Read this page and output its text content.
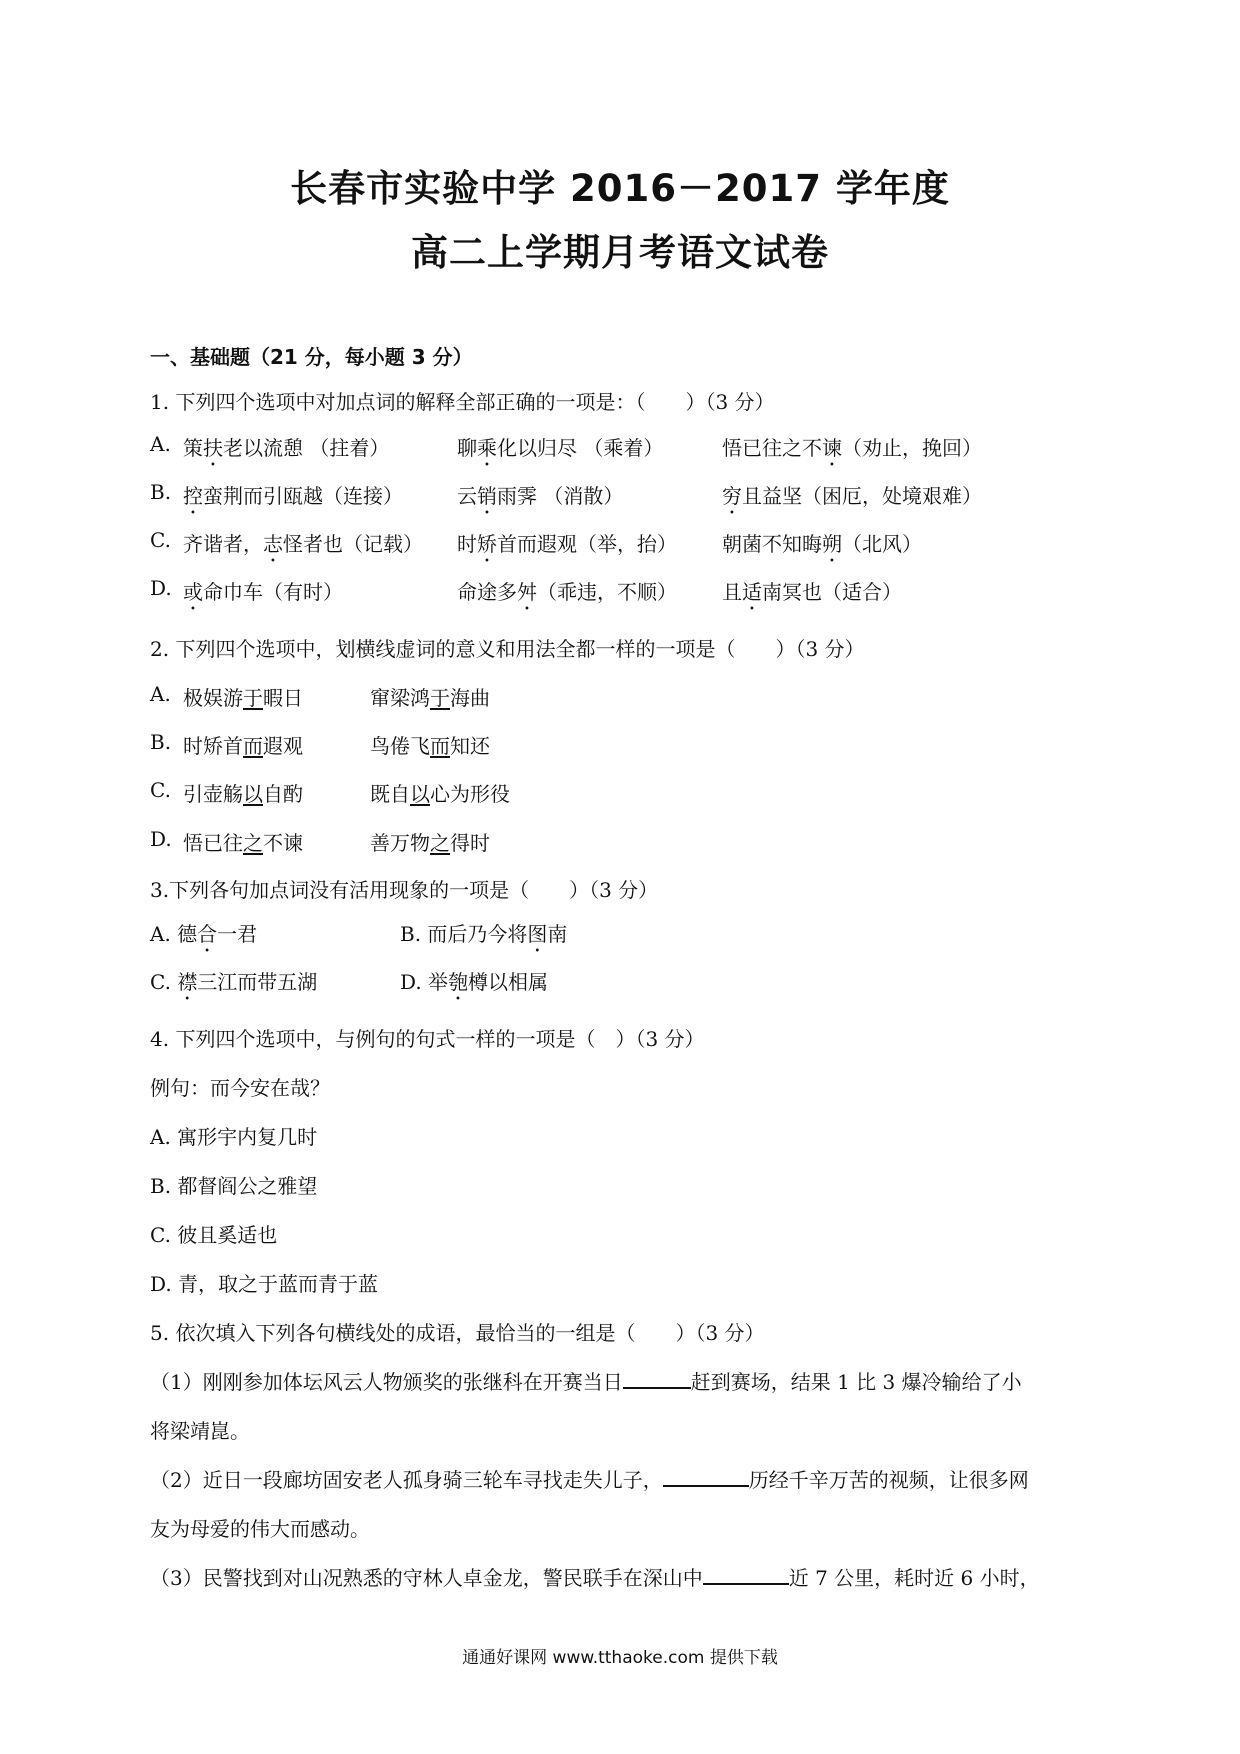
长春市实验中学 2016－2017 学年度
高二上学期月考语文试卷
一、基础题（21 分，每小题 3 分）
1. 下列四个选项中对加点词的解释全部正确的一项是：（　　）（3 分）
A. 策扶老以流憩 （拄着）	聊乘化以归尽 （乘着）	悟已往之不谏（劝止，挽回）
B. 控蛮荆而引瓯越（连接）	云销雨霁 （消散）	穷且益坚（困厄，处境艰难）
C. 齐谐者，志怪者也（记载） 时矫首而遐观（举，抬） 朝菌不知晦朔（北风）
D. 或命巾车（有时）	命途多舛（乖违，不顺） 且适南冥也（适合）
2. 下列四个选项中，划横线虚词的意义和用法全都一样的一项是（　　）（3 分）
A. 极娱游于暇日	窜梁鸿于海曲
B. 时矫首而遐观	鸟倦飞而知还
C. 引壶觞以自酌	既自以心为形役
D. 悟已往之不谏	善万物之得时
3.下列各句加点词没有活用现象的一项是（　　）（3 分）
A. 德合一君	B. 而后乃今将图南
C. 襟三江而带五湖	D. 举匏樽以相属
4. 下列四个选项中，与例句的句式一样的一项是（　）（3 分）
例句：而今安在哉？
A. 寓形宇内复几时
B. 都督阎公之雅望
C. 彼且奚适也
D. 青，取之于蓝而青于蓝
5. 依次填入下列各句横线处的成语，最恰当的一组是（　　）（3 分）
（1）刚刚参加体坛风云人物颁奖的张继科在开赛当日	赶到赛场，结果 1 比 3 爆冷输给了小
将梁靖崑。
（2）近日一段廊坊固安老人孤身骑三轮车寻找走失儿子，	历经千辛万苦的视频，让很多网
友为母爱的伟大而感动。
（3）民警找到对山况熟悉的守林人卓金龙，警民联手在深山中	近 7 公里，耗时近 6 小时，
通通好课网 www.tthaoke.com 提供下载
